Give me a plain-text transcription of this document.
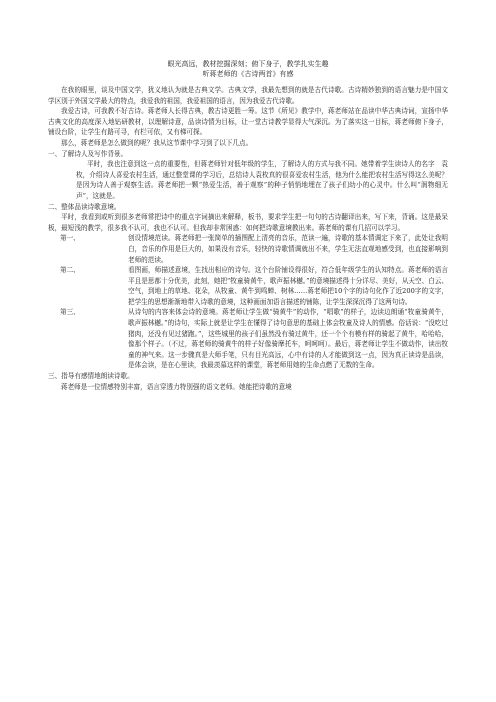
眼光高远，教材挖掘深刻；俯下身子，教学扎实生趣
听蒋老师的《古诗两首》有感

在我的眼里，谈及中国文学，犹义地认为就是古典文学。古典文学，我最先想到的就是古代诗歌。古诗精妙独到的语言魅力是中国文学区别于外国文学最大的特点，我爱我的祖国，我爱祖国的语言，因为我爱古代诗歌。

我爱古诗，可我教不好古诗。蒋老师人长得古典，教古诗更胜一筹。这节《所见》教学中，蒋老师站在品读中华古典诗词，宣扬中华古典文化的高度深入地钻研教材，以理解诗意，品读诗情为目标，让一堂古诗教学显得大气深沉。为了落实这一目标，蒋老师俯下身子，铺设台阶，让学生有路可寻，有栏可依，又有梯可探。

那么，蒋老师是怎么做到的呢？我从这节课中学习到了以下几点。

一、了解诗人及写作背景。

平时，我也注意到这一点的重要性，但蒋老师针对低年级的学生，了解诗人的方式与我不同。她带着学生读诗人的名字　袁枚，介绍诗人喜爱农村生活，通过整堂课的学习后，总结诗人袁枚真的很喜爱农村生活，他为什么能把农村生活写得这么美呢？是因为诗人善于观察生活。蒋老师把一颗“热爱生活，善于观察”的种子悄悄地埋在了孩子们幼小的心灵中。什么叫“润物细无声”，这就是。

二、整体品读诗歌意境。

平时，我看到或听到很多老师常把诗中的重点字词摘出来解释，板书，要求学生把一句句的古诗翻译出来，写下来，背诵。这是最呆板，最短浅的教学，很多我不认可，我也不认可。但我却非常困惑：如何把诗歌意境教出来。蒋老师的课有几招可以学习。

第一、	创设情境范读。蒋老师把一张简单的插图配上清亮的音乐，范读一遍，诗歌的基本情调定下来了，此处让我明白，音乐的作用是巨大的，如果没有音乐，轻快的诗歌情调就出不来，学生无法直观地感受到，也直接影响到老师的范读。
第二、	看图画，师描述意境，生找出相应的诗句。这个台阶铺设得很好，符合低年级学生的认知特点。蒋老师的语言平且是思都十分优美，此刻，她把“牧童骑黄牛，歌声振林樾。”的意境描述得十分详尽、美好，从天空、白云、空气，到地上的草地、花朵，从牧童、黄牛到鸣蝉、树林……蒋老师把10个字的诗句化作了近200字的文字，把学生的思想渐渐地带入诗歌的意境，这种画面加语言描述的铺陈，让学生深深沉得了这两句诗。
第三、	从诗句的内容来体会诗的意境。蒋老师让学生做“骑黄牛”的动作，“唱歌”的样子，边读边朗诵“牧童骑黄牛，歌声振林樾。”的诗句，实际上就是让学生在懂得了诗句意思的基础上体会牧童及诗人的情感。俗话说：“没吃过猪肉，还没有见过猪跑。”，这些城里的孩子们虽然没有骑过黄牛，还一个个有模有样的骑起了黄牛，哈哈哈，像那个样子。（不过，蒋老师的骑黄牛的样子好像骑摩托车，呵呵呵）。最后，蒋老师让学生不做动作，读出牧童的神气来。这一步骤真是大师手笔，只有目光高远，心中有诗的人才能做到这一点，因为真正读诗是品读，是体会读，是在心里读，我最羡慕这样的课堂，蒋老师用她的生命点燃了无数的生命。

三、指导有感情地朗读诗歌。

蒋老师是一位情感特别丰富，语言穿透力特别强的语文老师。她能把诗歌的意境
